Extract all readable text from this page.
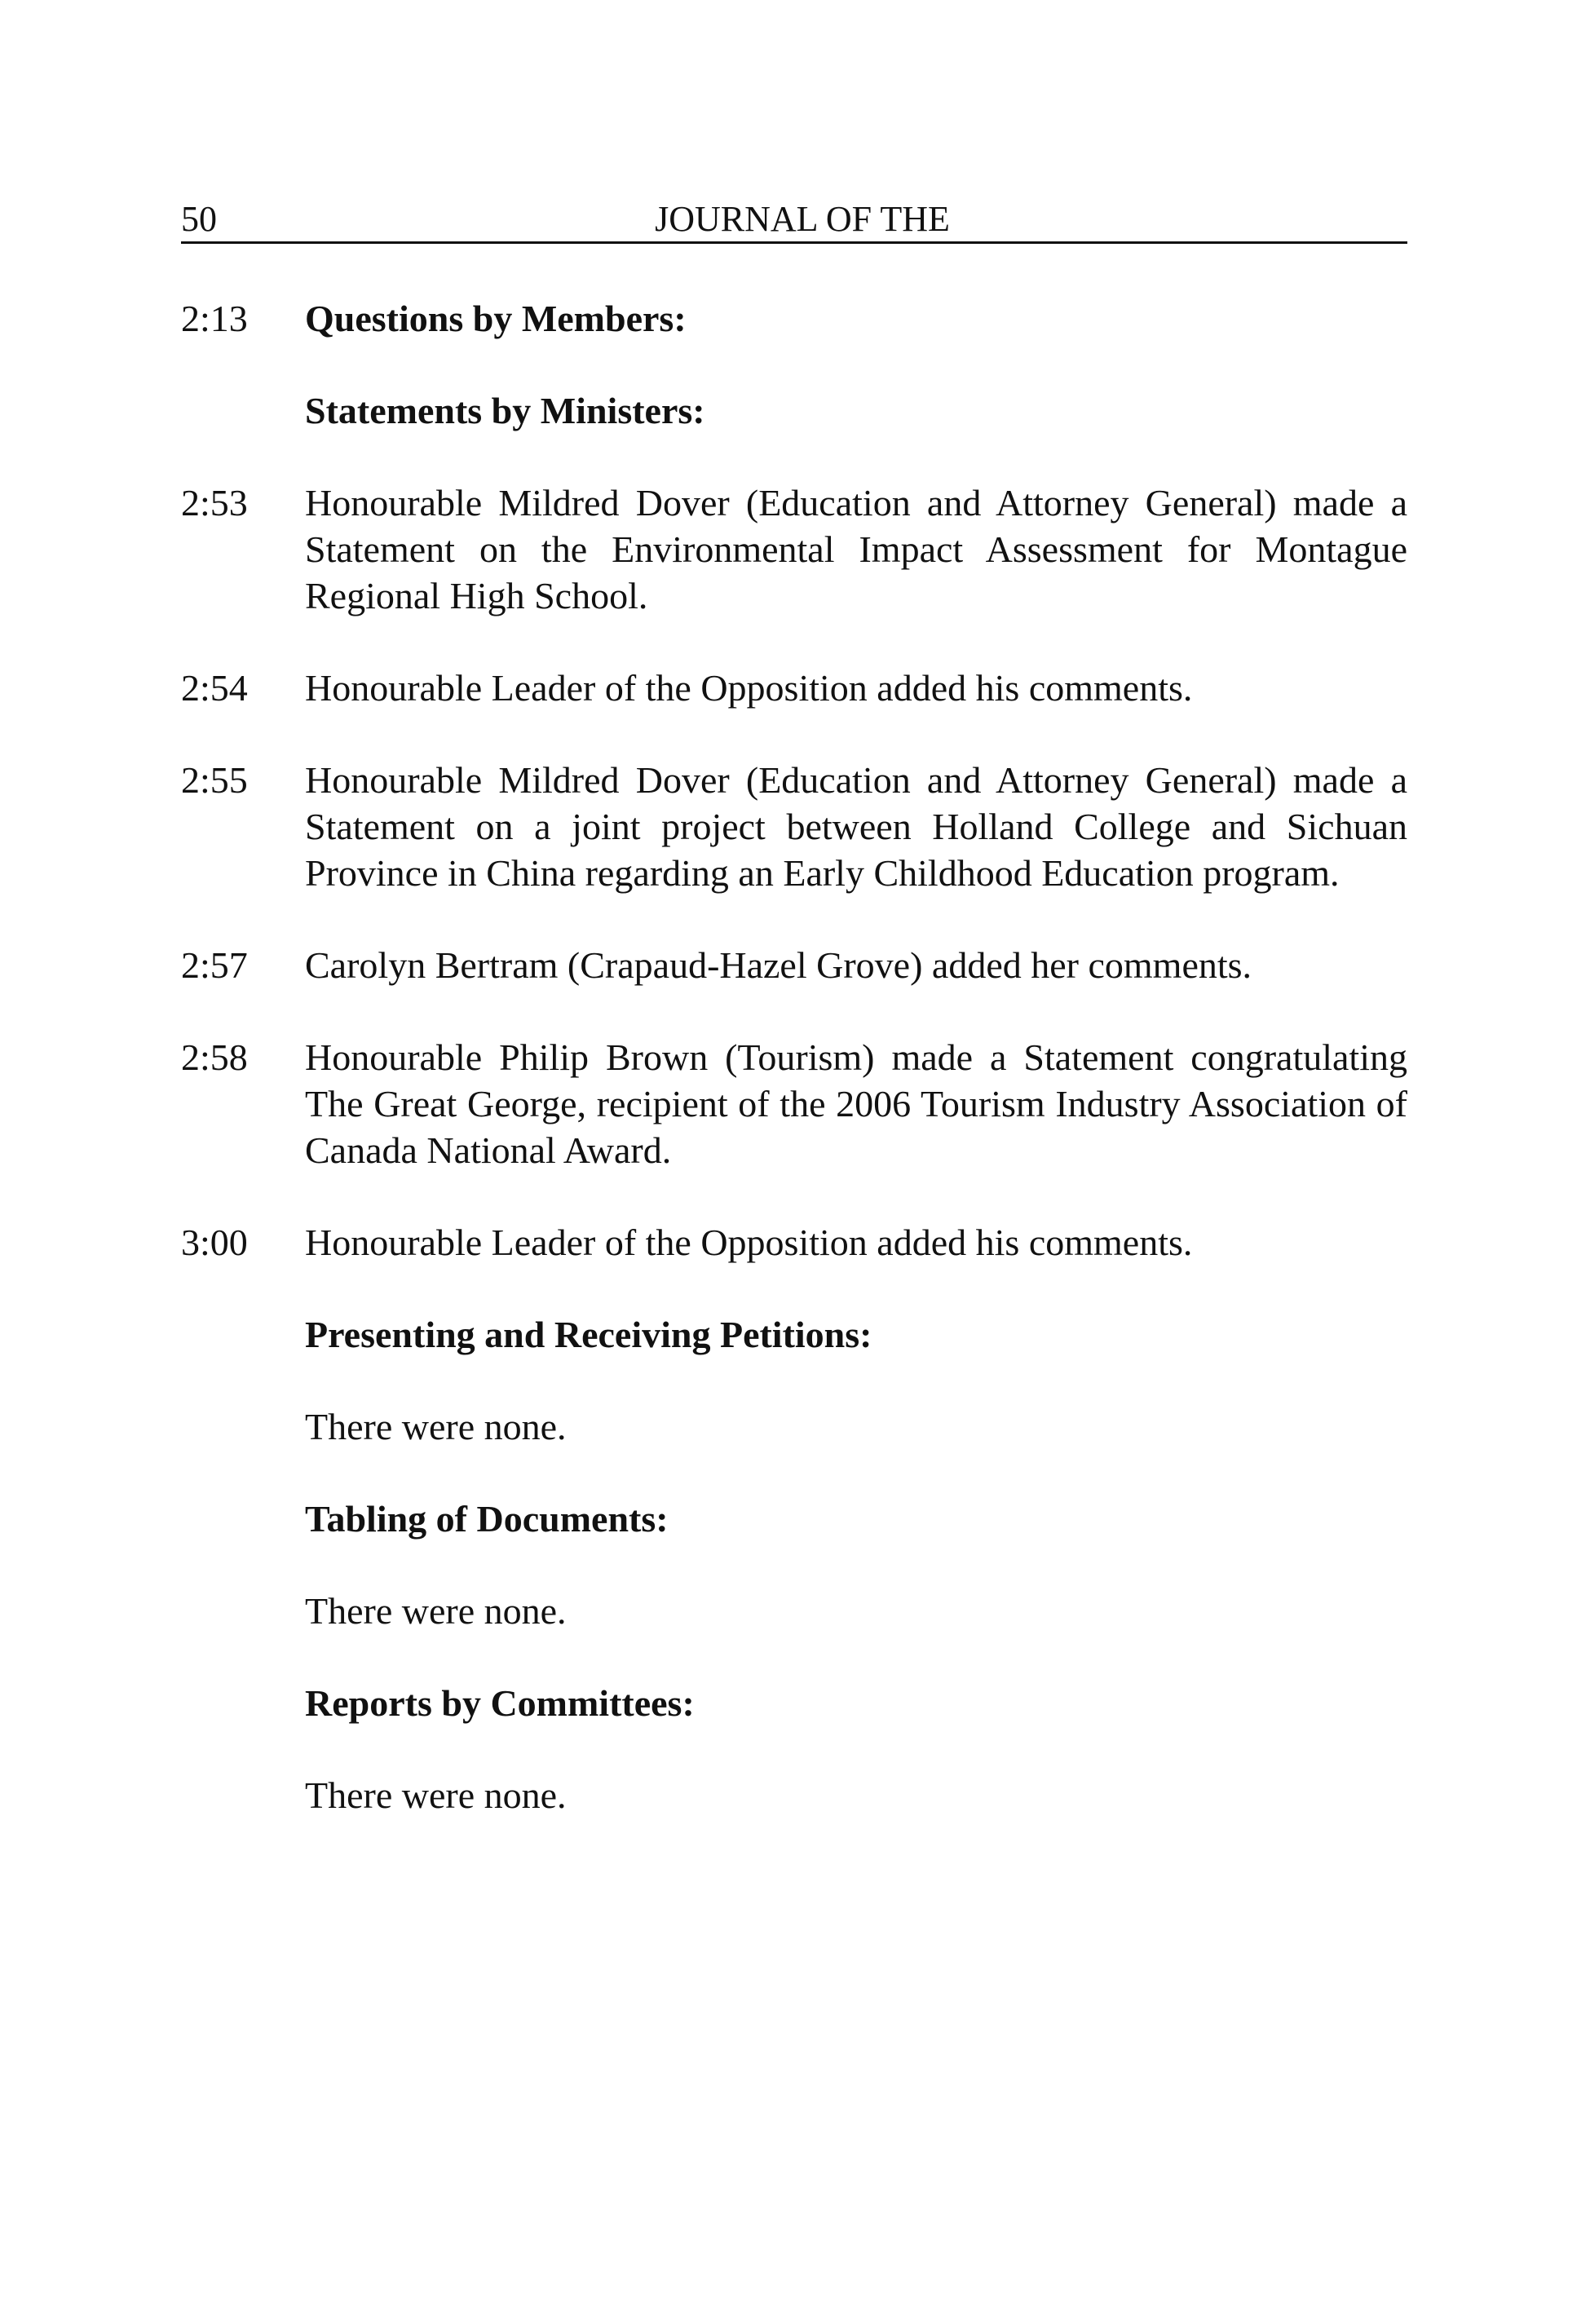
50	JOURNAL OF THE
2:13	Questions by Members:
Statements by Ministers:
2:53	Honourable Mildred Dover (Education and Attorney General) made a Statement on the Environmental Impact Assessment for Montague Regional High School.
2:54	Honourable Leader of the Opposition added his comments.
2:55	Honourable Mildred Dover (Education and Attorney General) made a Statement on a joint project between Holland College and Sichuan Province in China regarding an Early Childhood Education program.
2:57	Carolyn Bertram (Crapaud-Hazel Grove) added her comments.
2:58	Honourable Philip Brown (Tourism) made a Statement congratulating The Great George, recipient of the 2006 Tourism Industry Association of Canada National Award.
3:00	Honourable Leader of the Opposition added his comments.
Presenting and Receiving Petitions:
There were none.
Tabling of Documents:
There were none.
Reports by Committees:
There were none.
